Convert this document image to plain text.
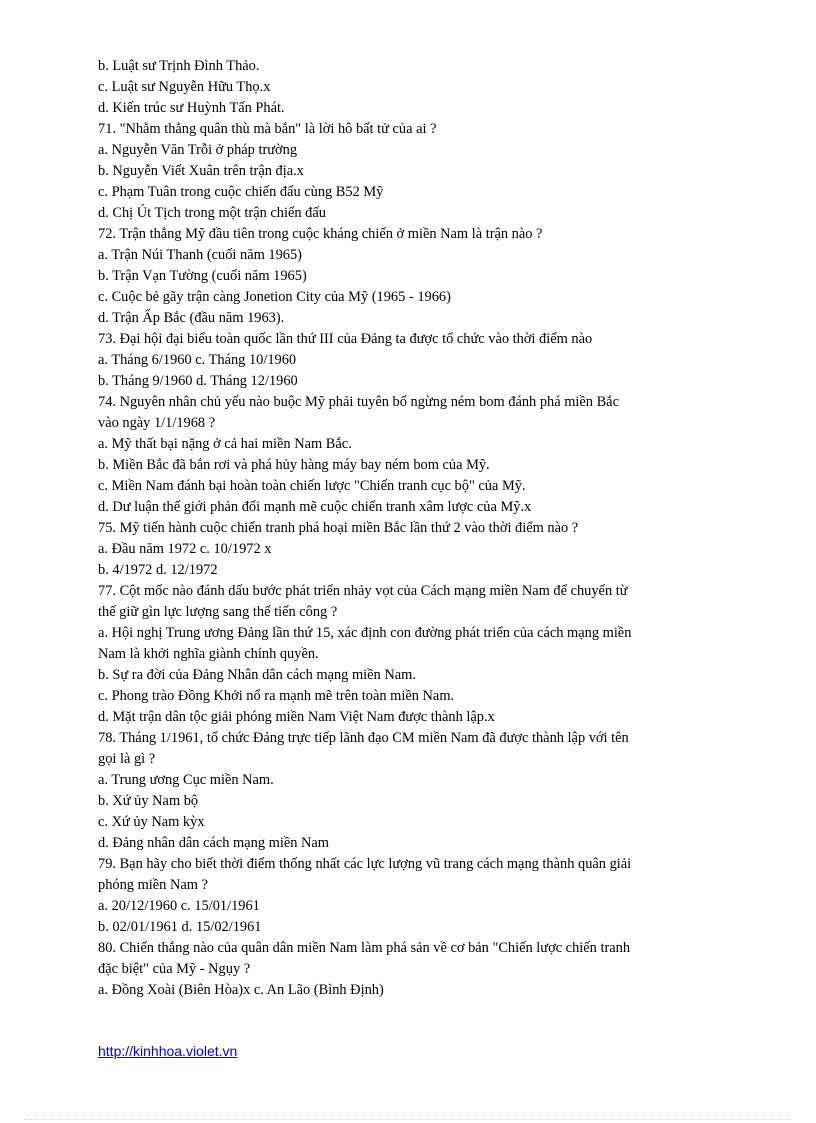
b. Luật sư Trịnh Đình Thảo.
c. Luật sư Nguyễn Hữu Thọ.x
d. Kiến trúc sư Huỳnh Tấn Phát.
71. "Nhằm thẳng quân thù mà bắn" là lời hô bất tử của ai ?
a. Nguyễn Văn Trỗi ở pháp trường
b. Nguyễn Viết Xuân trên trận địa.x
c. Phạm Tuân trong cuộc chiến đấu cùng B52 Mỹ
d. Chị Út Tịch trong một trận chiến đấu
72. Trận thắng Mỹ đầu tiên trong cuộc kháng chiến ở miền Nam là trận nào ?
a. Trận Núi Thanh (cuối năm 1965)
b. Trận Vạn Tường (cuối năm 1965)
c. Cuộc bẻ gãy trận càng Jonetion City của Mỹ (1965 - 1966)
d. Trận Ấp Bắc (đầu năm 1963).
73. Đại hội đại biểu toàn quốc lần thứ III của Đảng ta được tổ chức vào thời điểm nào
a. Tháng 6/1960 c. Tháng 10/1960
b. Tháng 9/1960 d. Tháng 12/1960
74. Nguyên nhân chủ yếu nào buộc Mỹ phải tuyên bố ngừng ném bom đánh phá miền Bắc
vào ngày 1/1/1968 ?
a. Mỹ thất bại nặng ở cả hai miền Nam Bắc.
b. Miền Bắc đã bắn rơi và phá hủy hàng máy bay ném bom của Mỹ.
c. Miền Nam đánh bại hoàn toàn chiến lược "Chiến tranh cục bộ" của Mỹ.
d. Dư luận thế giới phản đối mạnh mẽ cuộc chiến tranh xâm lược của Mỹ.x
75. Mỹ tiến hành cuộc chiến tranh phá hoại miền Bắc lần thứ 2 vào thời điểm nào ?
a. Đầu năm 1972 c. 10/1972 x
b. 4/1972 d. 12/1972
77. Cột mốc nào đánh dấu bước phát triển nhảy vọt của Cách mạng miền Nam để chuyển từ
thế giữ gìn lực lượng sang thế tiến công ?
a. Hội nghị Trung ương Đảng lần thứ 15, xác định con đường phát triển của cách mạng miền
Nam là khởi nghĩa giành chính quyền.
b. Sự ra đời của Đảng Nhân dân cách mạng miền Nam.
c. Phong trào Đồng Khởi nổ ra mạnh mẽ trên toàn miền Nam.
d. Mặt trận dân tộc giải phóng miền Nam Việt Nam được thành lập.x
78. Tháng 1/1961, tổ chức Đảng trực tiếp lãnh đạo CM miền Nam đã được thành lập với tên
gọi là gì ?
a. Trung ương Cục miền Nam.
b. Xứ ủy Nam bộ
c. Xứ ủy Nam kỳx
d. Đảng nhân dân cách mạng miền Nam
79. Bạn hãy cho biết thời điểm thống nhất các lực lượng vũ trang cách mạng thành quân giải
phóng miền Nam ?
a. 20/12/1960 c. 15/01/1961
b. 02/01/1961 d. 15/02/1961
80. Chiến thắng nào của quân dân miền Nam làm phá sản về cơ bản "Chiến lược chiến tranh
đặc biệt" của Mỹ - Ngụy ?
a. Đồng Xoài (Biên Hòa)x c. An Lão (Bình Định)
http://kinhhoa.violet.vn
